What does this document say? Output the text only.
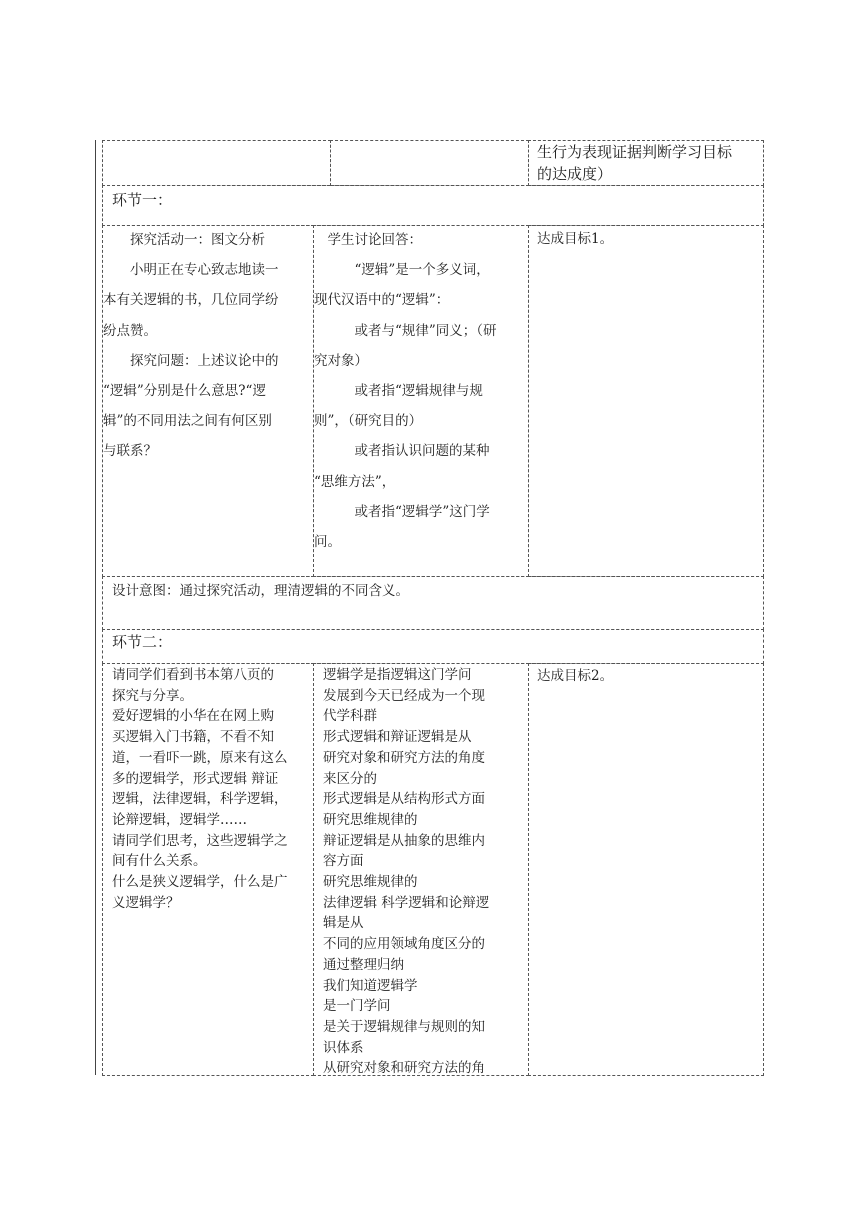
生行为表现证据判断学习目标

的达成度）

环节一：

　　探究活动一：图文分析

　　小明正在专心致志地读一

本有关逻辑的书，几位同学纷

纷点赞。

　　探究问题：上述议论中的

“逻辑”分别是什么意思?“逻

辑”的不同用法之间有何区别

与联系？

　学生讨论回答：

　　　“逻辑”是一个多义词，

现代汉语中的“逻辑”：

　　　或者与“规律”同义；（研

究对象）

　　　或者指“逻辑规律与规

则”，（研究目的）

　　　或者指认识问题的某种

“思维方法”，

　　　或者指“逻辑学”这门学

问。

达成目标1。
设计意图：通过探究活动，理清逻辑的不同含义。
环节二：

请同学们看到书本第八页的

探究与分享。

爱好逻辑的小华在在网上购

买逻辑入门书籍，不看不知

道，一看吓一跳，原来有这么

多的逻辑学，形式逻辑 辩证

逻辑，法律逻辑，科学逻辑，

论辩逻辑，逻辑学……

请同学们思考，这些逻辑学之

间有什么关系。

什么是狭义逻辑学，什么是广

义逻辑学？

逻辑学是指逻辑这门学问

发展到今天已经成为一个现

代学科群

形式逻辑和辩证逻辑是从

研究对象和研究方法的角度

来区分的

形式逻辑是从结构形式方面

研究思维规律的

辩证逻辑是从抽象的思维内

容方面

研究思维规律的

法律逻辑 科学逻辑和论辩逻

辑是从

不同的应用领域角度区分的

通过整理归纳

我们知道逻辑学

是一门学问

是关于逻辑规律与规则的知

识体系

从研究对象和研究方法的角

达成目标2。
